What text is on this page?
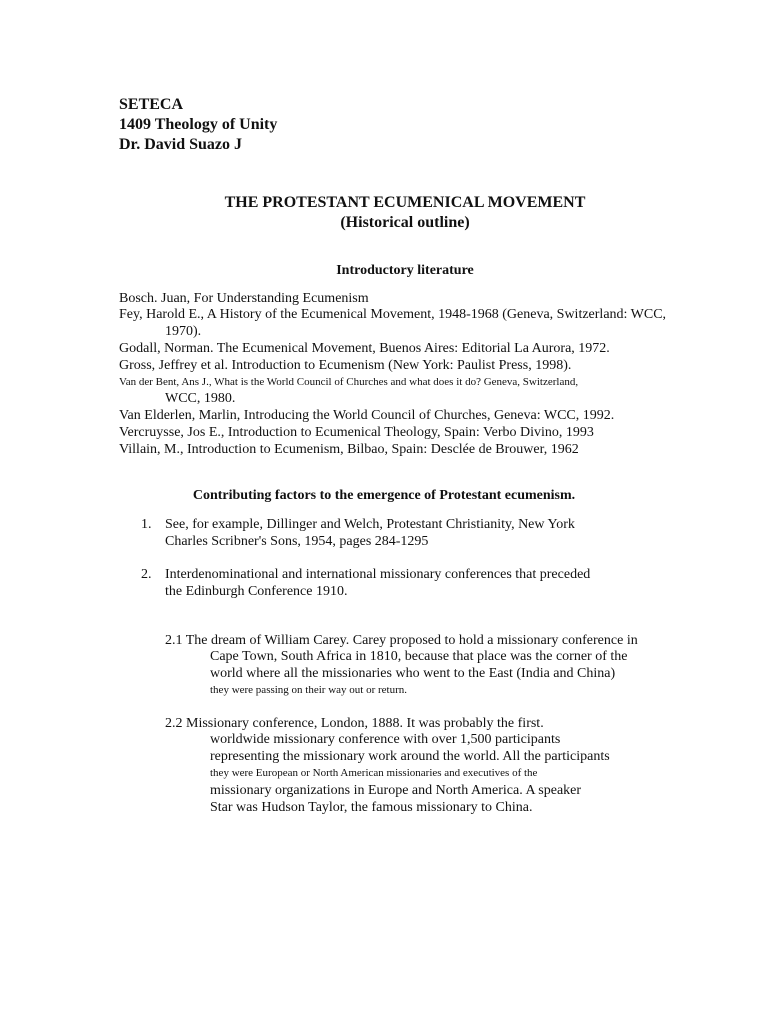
SETECA

1409 Theology of Unity

Dr. David Suazo J

THE PROTESTANT ECUMENICAL MOVEMENT

(Historical outline)

Introductory literature

Bosch. Juan, For Understanding Ecumenism

Fey, Harold E., A History of the Ecumenical Movement, 1948-1968 (Geneva, Switzerland: WCC,

1970).

Godall, Norman. The Ecumenical Movement, Buenos Aires: Editorial La Aurora, 1972.

Gross, Jeffrey et al. Introduction to Ecumenism (New York: Paulist Press, 1998).

Van der Bent, Ans J., What is the World Council of Churches and what does it do? Geneva, Switzerland,

WCC, 1980.

Van Elderlen, Marlin, Introducing the World Council of Churches, Geneva: WCC, 1992.

Vercruysse, Jos E., Introduction to Ecumenical Theology, Spain: Verbo Divino, 1993

Villain, M., Introduction to Ecumenism, Bilbao, Spain: Desclée de Brouwer, 1962

Contributing factors to the emergence of Protestant ecumenism.

1. See, for example, Dillinger and Welch, Protestant Christianity, New York

Charles Scribner's Sons, 1954, pages 284-1295

2. Interdenominational and international missionary conferences that preceded

the Edinburgh Conference 1910.

2.1 The dream of William Carey. Carey proposed to hold a missionary conference in

Cape Town, South Africa in 1810, because that place was the corner of the

world where all the missionaries who went to the East (India and China)

they were passing on their way out or return.

2.2 Missionary conference, London, 1888. It was probably the first.

worldwide missionary conference with over 1,500 participants

representing the missionary work around the world. All the participants

they were European or North American missionaries and executives of the

missionary organizations in Europe and North America. A speaker

Star was Hudson Taylor, the famous missionary to China.
